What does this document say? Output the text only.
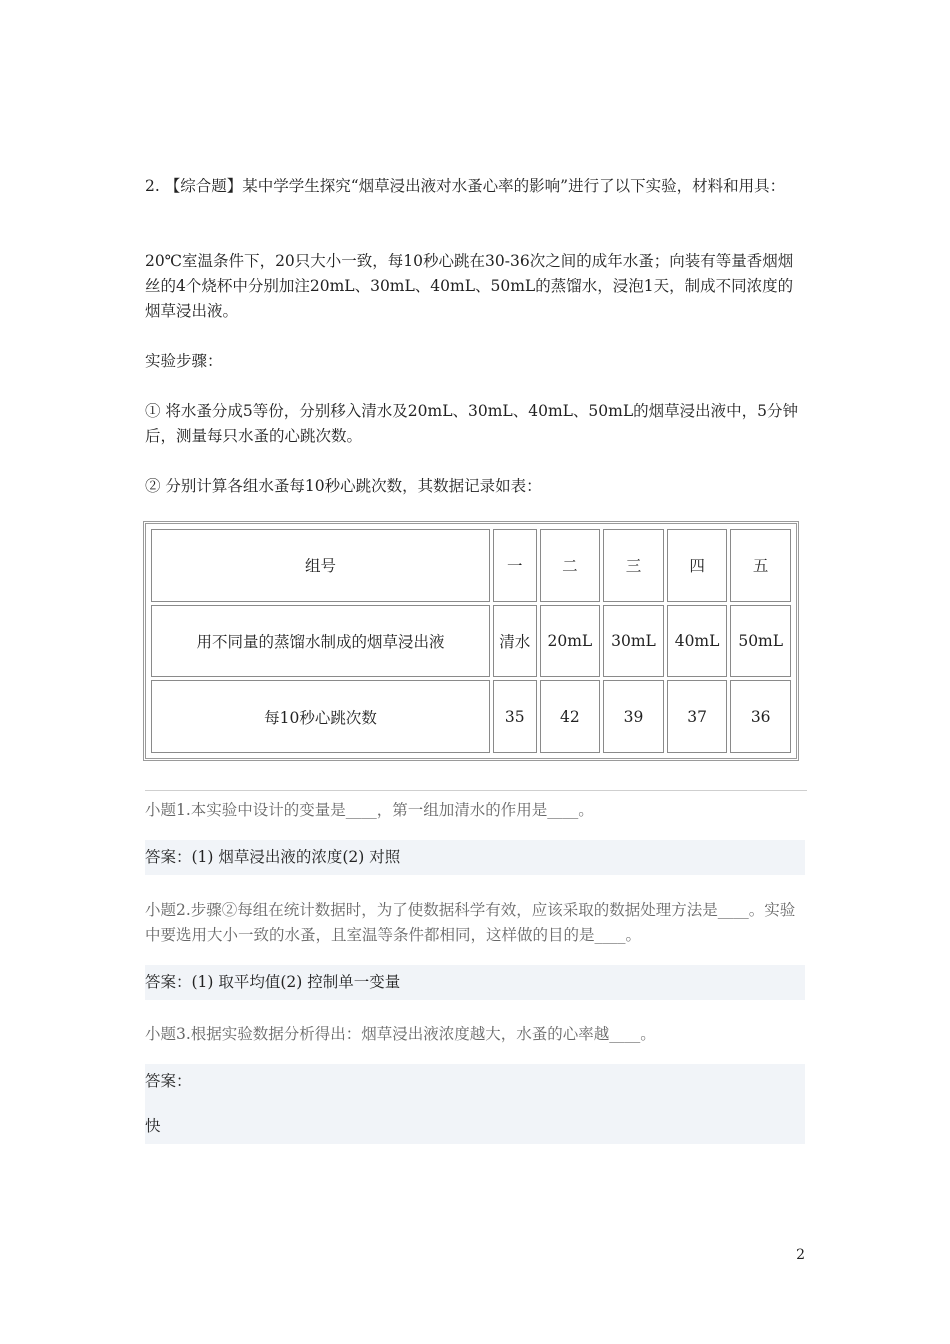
2. 【综合题】某中学学生探究“烟草浸出液对水蚤心率的影响”进行了以下实验，材料和用具：

20℃室温条件下，20只大小一致，每10秒心跳在30-36次之间的成年水蚤；向装有等量香烟烟丝的4个烧杯中分别加注20mL、30mL、40mL、50mL的蒸馏水，浸泡1天，制成不同浓度的烟草浸出液。

实验步骤：

① 将水蚤分成5等份，分别移入清水及20mL、30mL、40mL、50mL的烟草浸出液中，5分钟后，测量每只水蚤的心跳次数。

② 分别计算各组水蚤每10秒心跳次数，其数据记录如表：

组号	一	二	三	四	五
用不同量的蒸馏水制成的烟草浸出液	清水	20mL	30mL	40mL	50mL
每10秒心跳次数	35	42	39	37	36

小题1.本实验中设计的变量是____，第一组加清水的作用是____。

答案：(1) 烟草浸出液的浓度(2) 对照

小题2.步骤②每组在统计数据时，为了使数据科学有效，应该采取的数据处理方法是____。实验中要选用大小一致的水蚤，且室温等条件都相同，这样做的目的是____。

答案：(1) 取平均值(2) 控制单一变量

小题3.根据实验数据分析得出：烟草浸出液浓度越大，水蚤的心率越____。

答案：
快
2
